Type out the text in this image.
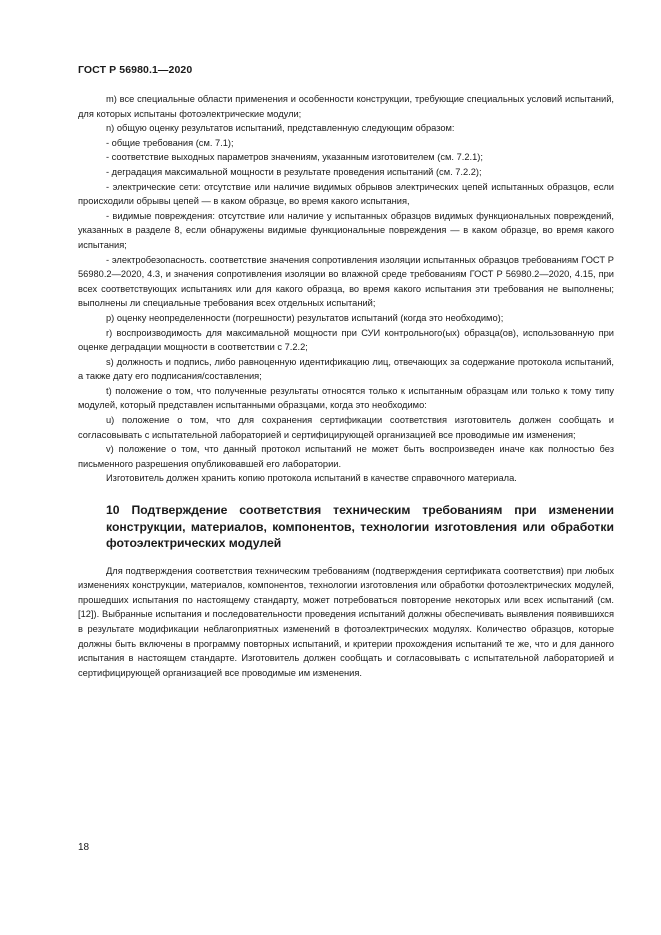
ГОСТ Р 56980.1—2020

m) все специальные области применения и особенности конструкции, требующие специальных условий испытаний, для которых испытаны фотоэлектрические модули;

n) общую оценку результатов испытаний, представленную следующим образом:

- общие требования (см. 7.1);

- соответствие выходных параметров значениям, указанным изготовителем (см. 7.2.1);

- деградация максимальной мощности в результате проведения испытаний (см. 7.2.2);

- электрические сети: отсутствие или наличие видимых обрывов электрических цепей испытанных образцов, если происходили обрывы цепей — в каком образце, во время какого испытания,

- видимые повреждения: отсутствие или наличие у испытанных образцов видимых функциональных повреждений, указанных в разделе 8, если обнаружены видимые функциональные повреждения — в каком образце, во время какого испытания;

- электробезопасность. соответствие значения сопротивления изоляции испытанных образцов требованиям ГОСТ Р 56980.2—2020, 4.3, и значения сопротивления изоляции во влажной среде требованиям ГОСТ Р 56980.2—2020, 4.15, при всех соответствующих испытаниях или для какого образца, во время какого испытания эти требования не выполнены; выполнены ли специальные требования всех отдельных испытаний;

p) оценку неопределенности (погрешности) результатов испытаний (когда это необходимо);

r) воспроизводимость для максимальной мощности при СУИ контрольного(ых) образца(ов), использованную при оценке деградации мощности в соответствии с 7.2.2;

s) должность и подпись, либо равноценную идентификацию лиц, отвечающих за содержание протокола испытаний, а также дату его подписания/составления;

t) положение о том, что полученные результаты относятся только к испытанным образцам или только к тому типу модулей, который представлен испытанными образцами, когда это необходимо:

u) положение о том, что для сохранения сертификации соответствия изготовитель должен сообщать и согласовывать с испытательной лабораторией и сертифицирующей организацией все проводимые им изменения;

v) положение о том, что данный протокол испытаний не может быть воспроизведен иначе как полностью без письменного разрешения опубликовавшей его лаборатории.

Изготовитель должен хранить копию протокола испытаний в качестве справочного материала.

10 Подтверждение соответствия техническим требованиям при изменении конструкции, материалов, компонентов, технологии изготовления или обработки фотоэлектрических модулей

Для подтверждения соответствия техническим требованиям (подтверждения сертификата соответствия) при любых изменениях конструкции, материалов, компонентов, технологии изготовления или обработки фотоэлектрических модулей, прошедших испытания по настоящему стандарту, может потребоваться повторение некоторых или всех испытаний (см. [12]). Выбранные испытания и последовательности проведения испытаний должны обеспечивать выявления появившихся в результате модификации неблагоприятных изменений в фотоэлектрических модулях. Количество образцов, которые должны быть включены в программу повторных испытаний, и критерии прохождения испытаний те же, что и для данного испытания в настоящем стандарте. Изготовитель должен сообщать и согласовывать с испытательной лабораторией и сертифицирующей организацией все проводимые им изменения.

18
